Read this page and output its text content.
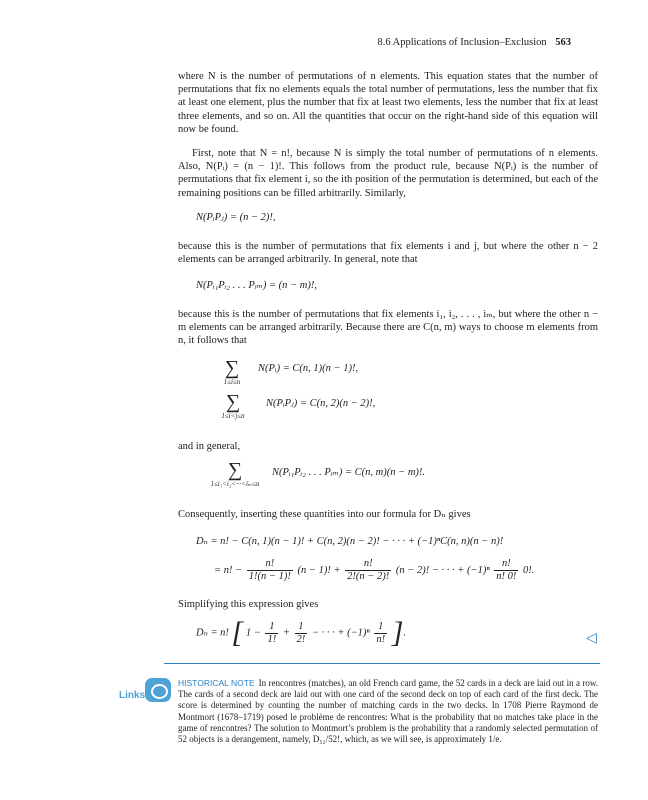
8.6 Applications of Inclusion–Exclusion 563
where N is the number of permutations of n elements. This equation states that the number of permutations that fix no elements equals the total number of permutations, less the number that fix at least one element, plus the number that fix at least two elements, less the number that fix at least three elements, and so on. All the quantities that occur on the right-hand side of this equation will now be found.
First, note that N = n!, because N is simply the total number of permutations of n elements. Also, N(Pᵢ) = (n − 1)!. This follows from the product rule, because N(Pᵢ) is the number of permutations that fix element i, so the ith position of the permutation is determined, but each of the remaining positions can be filled arbitrarily. Similarly,
N(PᵢPⱼ) = (n − 2)!,
because this is the number of permutations that fix elements i and j, but where the other n − 2 elements can be arranged arbitrarily. In general, note that
N(Pᵢ₁Pᵢ₂ . . . Pᵢₘ) = (n − m)!,
because this is the number of permutations that fix elements i₁, i₂, . . . , iₘ, but where the other n − m elements can be arranged arbitrarily. Because there are C(n, m) ways to choose m elements from n, it follows that
∑
1≤i≤n
N(Pᵢ) = C(n, 1)(n − 1)!,
∑
1≤i<j≤n
N(PᵢPⱼ) = C(n, 2)(n − 2)!,
and in general,
∑
1≤i₁<i₂<···<iₘ≤n
N(Pᵢ₁Pᵢ₂ . . . Pᵢₘ) = C(n, m)(n − m)!.
Consequently, inserting these quantities into our formula for Dₙ gives
Dₙ = n! − C(n, 1)(n − 1)! + C(n, 2)(n − 2)! − · · · + (−1)ⁿC(n, n)(n − n)!
= n! − $\frac{n!}{1!(n - 1)!} (n - 1)$! + $\frac{n!}{2!(n - 2)!} (n - 2)$! − · · · + $(-1)^n \frac{n!}{n! 0!} 0$!.
Simplifying this expression gives
Dₙ = n! [ $1 - \frac{1}{1!} + \frac{1}{2!}$ − · · · + $(-1)^n \frac{1}{n!}$ ].	◁
Links
HISTORICAL NOTE In rencontres (matches), an old French card game, the 52 cards in a deck are laid out in a row. The cards of a second deck are laid out with one card of the second deck on top of each card of the first deck. The score is determined by counting the number of matching cards in the two decks. In 1708 Pierre Raymond de Montmort (1678–1719) posed le problème de rencontres: What is the probability that no matches take place in the game of rencontres? The solution to Montmort’s problem is the probability that a randomly selected permutation of 52 objects is a derangement, namely, D₅₂/52!, which, as we will see, is approximately 1/e.
